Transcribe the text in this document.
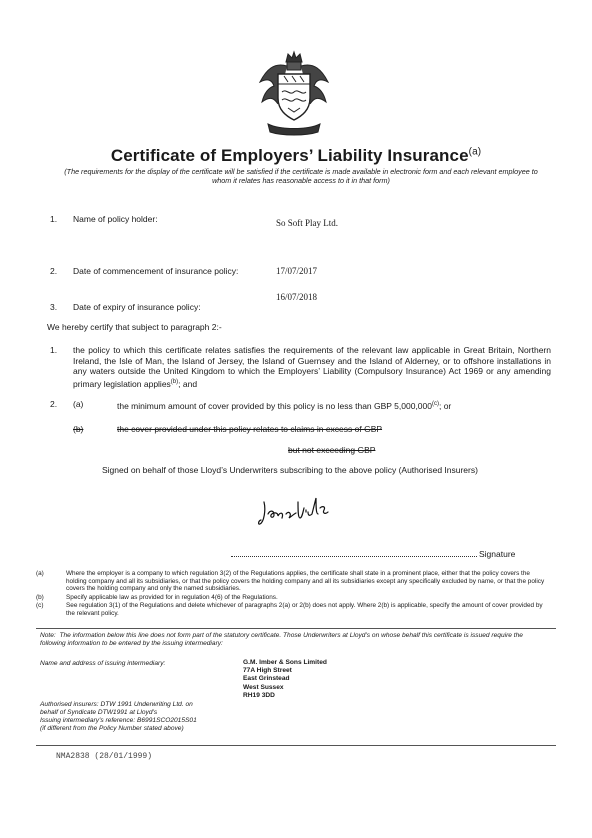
Certificate of Employers’ Liability Insurance$^{(a)}$
(The requirements for the display of the certificate will be satisfied if the certificate is made available in electronic form and each relevant employee to whom it relates has reasonable access to it in that form)
1. Name of policy holder:	So Soft Play Ltd.
2. Date of commencement of insurance policy:	17/07/2017
3. Date of expiry of insurance policy:
16/07/2018
We hereby certify that subject to paragraph 2:-
1. the policy to which this certificate relates satisfies the requirements of the relevant law applicable in Great Britain, Northern Ireland, the Isle of Man, the Island of Jersey, the Island of Guernsey and the Island of Alderney, or to offshore installations in any waters outside the United Kingdom to which the Employers’ Liability (Compulsory Insurance) Act 1969 or any amending primary legislation applies$^{(b)}$; and
2. (a)	the minimum amount of cover provided by this policy is no less than GBP 5,000,000$^{(c)}$; or
(b)	the cover provided under this policy relates to claims in excess of GBP
but not exceeding GBP
Signed on behalf of those Lloyd’s Underwriters subscribing to the above policy (Authorised Insurers)
Signature
(a)	Where the employer is a company to which regulation 3(2) of the Regulations applies, the certificate shall state in a prominent place, either that the policy covers the holding company and all its subsidiaries, or that the policy covers the holding company and all its subsidiaries except any specifically excluded by name, or that the policy covers the holding company and only the named subsidiaries.
(b)	Specify applicable law as provided for in regulation 4(6) of the Regulations.
(c)	See regulation 3(1) of the Regulations and delete whichever of paragraphs 2(a) or 2(b) does not apply. Where 2(b) is applicable, specify the amount of cover provided by the relevant policy.
Note: The information below this line does not form part of the statutory certificate. Those Underwriters at Lloyd’s on whose behalf this certificate is issued require the following information to be entered by the issuing intermediary:
Name and address of issuing intermediary:	G.M. Imber & Sons Limited
77A High Street
East Grinstead
West Sussex
RH19 3DD
Authorised insurers: DTW 1991 Underwriting Ltd. on
behalf of Syndicate DTW1991 at Lloyd’s
Issuing intermediary’s reference: B6991SCO2015S01
(if different from the Policy Number stated above)
NMA2838 (28/01/1999)
